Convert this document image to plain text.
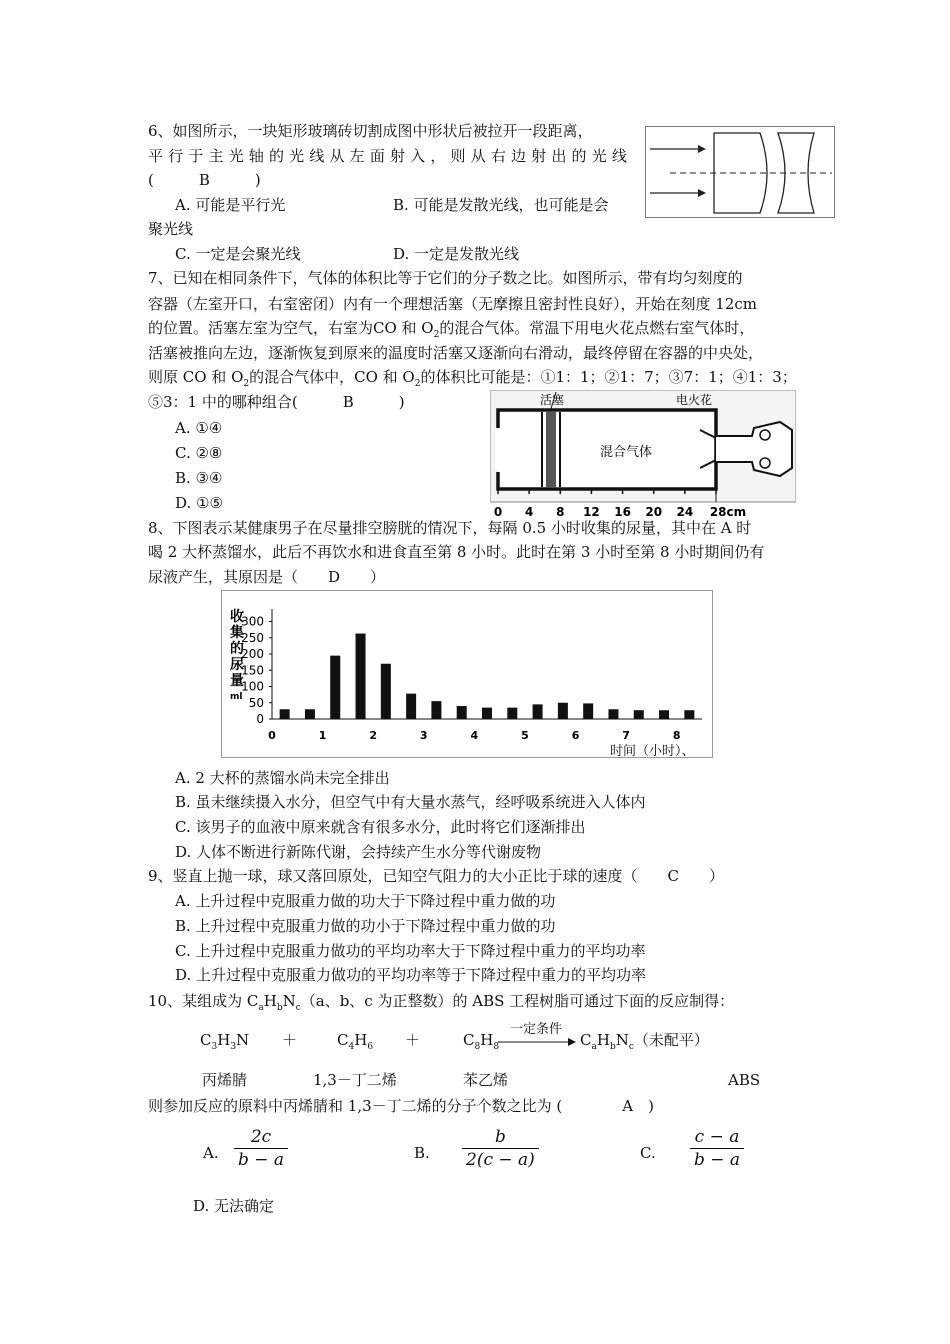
6、如图所示，一块矩形玻璃砖切割成图中形状后被拉开一段距离，
平 行 于 主 光 轴 的 光 线 从 左 面 射 入 ， 则 从 右 边 射 出 的 光 线
(　　　B　　　)
A. 可能是平行光	B. 可能是发散光线，也可能是会
聚光线
C. 一定是会聚光线	D. 一定是发散光线
7、已知在相同条件下，气体的体积比等于它们的分子数之比。如图所示，带有均匀刻度的
容器（左室开口，右室密闭）内有一个理想活塞（无摩擦且密封性良好），开始在刻度 12cm
的位置。活塞左室为空气，右室为CO 和 $O_2$的混合气体。常温下用电火花点燃右室气体时，
活塞被推向左边，逐渐恢复到原来的温度时活塞又逐渐向右滑动，最终停留在容器的中央处，
则原 CO 和 $O_2$的混合气体中，CO 和 $O_2$的体积比可能是：①1：1；②1：7；③7：1；④1：3；
⑤3：1 中的哪种组合(　　　B　　　)
A. ①④
C. ②⑧
B. ③④
D. ①⑤
活塞	电火花
混合气体
0 4 8 12 16 20 24 28cm
8、下图表示某健康男子在尽量排空膀胱的情况下，每隔 0.5 小时收集的尿量，其中在 A 时
喝 2 大杯蒸馏水，此后不再饮水和进食直至第 8 小时。此时在第 3 小时至第 8 小时期间仍有
尿液产生，其原因是（　　D　　）
收集的尿量 ml
0
50
100
150
200
250
300
0	1	2	3	4	5	6	7	8
时间（小时）、
A. 2 大杯的蒸馏水尚未完全排出
B. 虽未继续摄入水分，但空气中有大量水蒸气，经呼吸系统进入人体内
C. 该男子的血液中原来就含有很多水分，此时将它们逐渐排出
D. 人体不断进行新陈代谢，会持续产生水分等代谢废物
9、竖直上抛一球，球又落回原处，已知空气阻力的大小正比于球的速度（　　C　　）
A. 上升过程中克服重力做的功大于下降过程中重力做的功
B. 上升过程中克服重力做的功小于下降过程中重力做的功
C. 上升过程中克服重力做功的平均功率大于下降过程中重力的平均功率
D. 上升过程中克服重力做功的平均功率等于下降过程中重力的平均功率
10、某组成为 $C_aH_bN_c(a$、b、c 为正整数）的 ABS 工程树脂可通过下面的反应制得：
$C_3H_3N$ ＋	$C_4H_6$ ＋	$C_8H_8$
一定条件
$C_aH_bN_c$（未配平）
丙烯腈	1,3－丁二烯	苯乙烯	ABS
则参加反应的原料中丙烯腈和 1,3－丁二烯的分子个数之比为 (　　　　A　)
A. $\frac{2c}{b - a}$	B. $\frac{b}{2(c - a)}$	C. $\frac{c - a}{b - a}$
D. 无法确定
